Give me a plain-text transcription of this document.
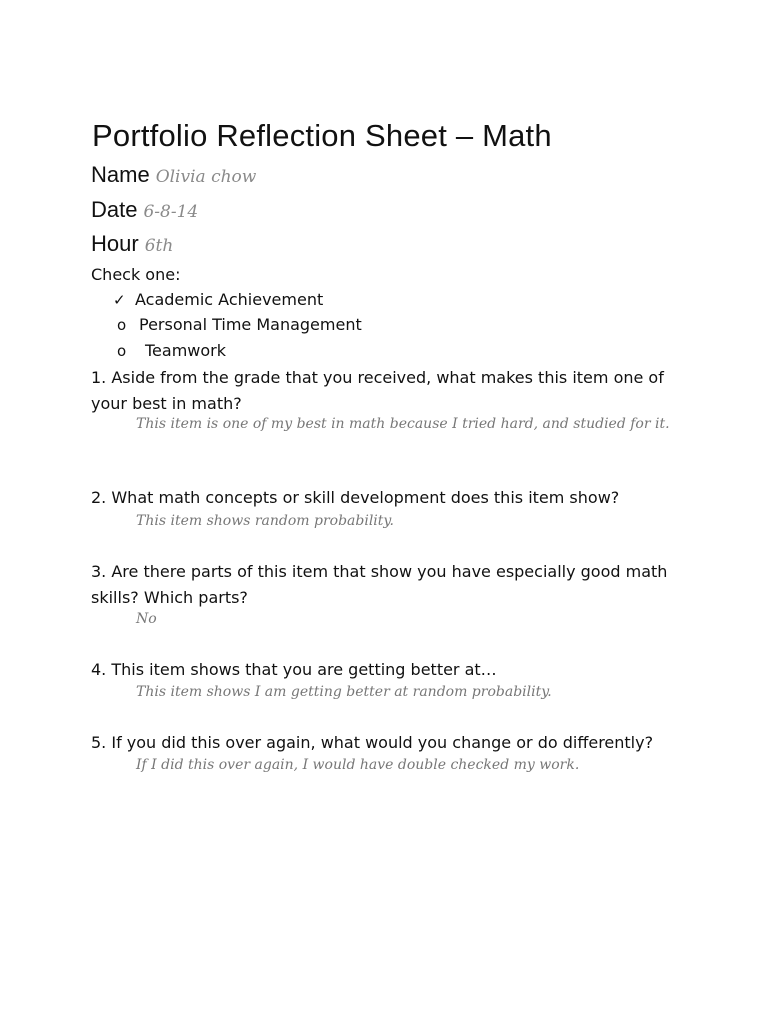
Portfolio Reflection Sheet – Math
Name Olivia chow
Date 6-8-14
Hour 6th
Check one:
✓ Academic Achievement
o Personal Time Management
o Teamwork
1. Aside from the grade that you received, what makes this item one of your best in math?
This item is one of my best in math because I tried hard, and studied for it.
2. What math concepts or skill development does this item show?
This item shows random probability.
3. Are there parts of this item that show you have especially good math skills? Which parts?
No
4. This item shows that you are getting better at…
This item shows I am getting better at random probability.
5. If you did this over again, what would you change or do differently?
If I did this over again, I would have double checked my work.
